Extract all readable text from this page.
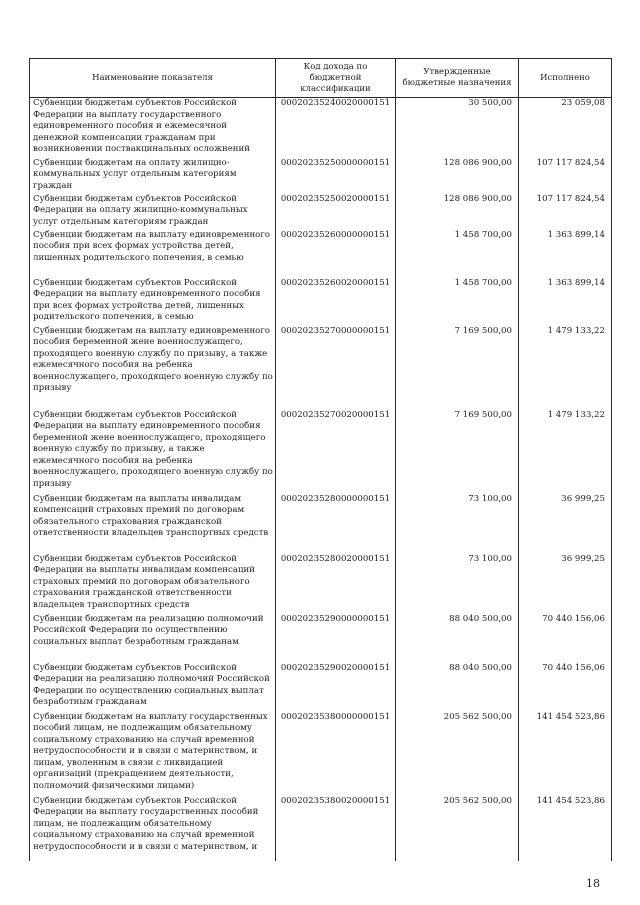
Наименование показателя	Код дохода по бюджетной классификации	Утвержденные бюджетные назначения	Исполнено
Субвенции бюджетам субъектов Российской Федерации на выплату государственного единовременного пособия и ежемесячной денежной компенсации гражданам при возникновении поствакцинальных осложнений	00020235240020000151	30 500,00	23 059,08
Субвенции бюджетам на оплату жилищно-коммунальных услуг отдельным категориям граждан	00020235250000000151	128 086 900,00	107 117 824,54
Субвенции бюджетам субъектов Российской Федерации на оплату жилищно-коммунальных услуг отдельным категориям граждан	00020235250020000151	128 086 900,00	107 117 824,54
Субвенции бюджетам на выплату единовременного пособия при всех формах устройства детей, лишенных родительского попечения, в семью	00020235260000000151	1 458 700,00	1 363 899,14
Субвенции бюджетам субъектов Российской Федерации на выплату единовременного пособия при всех формах устройства детей, лишенных родительского попечения, в семью	00020235260020000151	1 458 700,00	1 363 899,14
Субвенции бюджетам на выплату единовременного пособия беременной жене военнослужащего, проходящего военную службу по призыву, а также ежемесячного пособия на ребенка военнослужащего, проходящего военную службу по призыву	00020235270000000151	7 169 500,00	1 479 133,22
Субвенции бюджетам субъектов Российской Федерации на выплату единовременного пособия беременной жене военнослужащего, проходящего военную службу по призыву, а также ежемесячного пособия на ребенка военнослужащего, проходящего военную службу по призыву	00020235270020000151	7 169 500,00	1 479 133,22
Субвенции бюджетам на выплаты инвалидам компенсаций страховых премий по договорам обязательного страхования гражданской ответственности владельцев транспортных средств	00020235280000000151	73 100,00	36 999,25
Субвенции бюджетам субъектов Российской Федерации на выплаты инвалидам компенсаций страховых премий по договорам обязательного страхования гражданской ответственности владельцев транспортных средств	00020235280020000151	73 100,00	36 999,25
Субвенции бюджетам на реализацию полномочий Российской Федерации по осуществлению социальных выплат безработным гражданам	00020235290000000151	88 040 500,00	70 440 156,06
Субвенции бюджетам субъектов Российской Федерации на реализацию полномочий Российской Федерации по осуществлению социальных выплат безработным гражданам	00020235290020000151	88 040 500,00	70 440 156,06
Субвенции бюджетам на выплату государственных пособий лицам, не подлежащим обязательному социальному страхованию на случай временной нетрудоспособности и в связи с материнством, и лицам, уволенным в связи с ликвидацией организаций (прекращением деятельности, полномочий физическими лицами)	00020235380000000151	205 562 500,00	141 454 523,86
Субвенции бюджетам субъектов Российской Федерации на выплату государственных пособий лицам, не подлежащим обязательному социальному страхованию на случай временной нетрудоспособности и в связи с материнством, и	00020235380020000151	205 562 500,00	141 454 523,86
18
